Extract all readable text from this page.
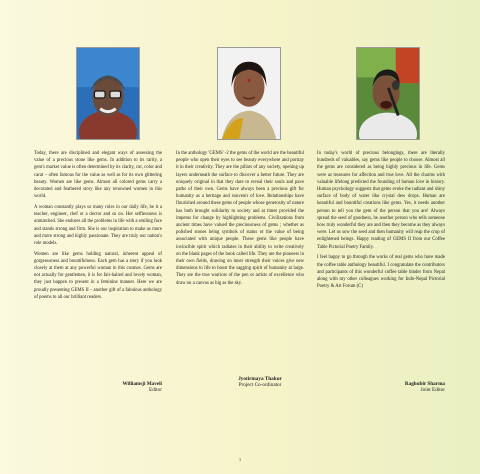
Today, there are disciplined and elegant ways of assessing the value of a precious stone like gems. In addition to its rarity, a gem's market value is often determined by its clarity, cut, color and carat – often famous for the value as well as for its own glittering beauty. Women are like gems. Almost all colored gems carry a decorated and feathered story like any renowned women in this world.

A woman constantly plays so many roles in our daily life, be it a teacher, engineer, chef or a doctor and so on. Her selflessness is unmatched. She endures all the problems in life with a smiling face and stands strong and firm. She is our inspiration to make us more and more strong and highly passionate. They are truly our nation's role models.

Women are like gems holding natural, inherent appeal of gorgeousness and bountifulness. Each gem has a story if you look closely at them at any powerful woman in this cosmos. Gems are not actually for gentlemen, it is for fair-haired and lovely woman, they just happen to present in a feminine manner. Here we are proudly presenting GEMS II – another gift of a fabulous anthology of poems to all our brilliant readers.

In the anthology 'GEMS' -2 the gems of the world are the beautiful people who open their eyes to see beauty everywhere and portray it in their creativity. They are the pillars of any society, opening up layers underneath the surface to discover a better future. They are uniquely original in that they dare to reveal their souls and pave paths of their own. Gems have always been a precious gift for humanity as a heritage and souvenir of love. Relationships have flourished around these gems of people whose generosity of nature has both brought solidarity to society and at times provided the impetus for change by highlighting problems. Civilizations from ancient times have valued the preciousness of gems ; whether as polished stones being symbols of status or the value of being associated with unique people. These gems like people have invincible spirit which radiates in their ability to write creatively on the blank pages of the book called life. They are the pioneers in their own fields, drawing on inner strength their voices give new dimensions to life to boost the sagging spirit of humanity at large. They are the true warriors of the pen or artists of excellence who draw on a canvas as big as the sky.

In today's world of precious belongings, there are literally hundreds of valuables, say gems like people to choose. Almost all the gems are considered as being highly precious in life. Gems were as treasures for affection and true love. All the charms with valuable lifelong predicted the founding of human love in history. Human psychology suggests that gems evoke the radiant and shiny surface of body of water like crystal dew drops. Human are beautiful and bountiful creations like gems. Yes, it needs another person to tell you the gem of the person that you are! Always spread the seed of goodness, be another person who tells someone how truly wonderful they are and then they become as they always were. Let us sow the seed and then humanity will reap the crop of enlightened beings. Happy reading of GEMS II from our Coffee Table Pictorial Poetry Family.

I feel happy to go through the works of real gems who have made the coffee table anthology beautiful. I congratulate the contributors and participants of this wonderful coffee table binder from Nepal along with my other colleagues working for Indo-Nepal Pictorial Poetry & Art Forum (C)

Williamsji Maveli
Editor
Jyotirmaya Thakur
Project Co-ordinator	Raghubir Sharma
Joint Editor
3
